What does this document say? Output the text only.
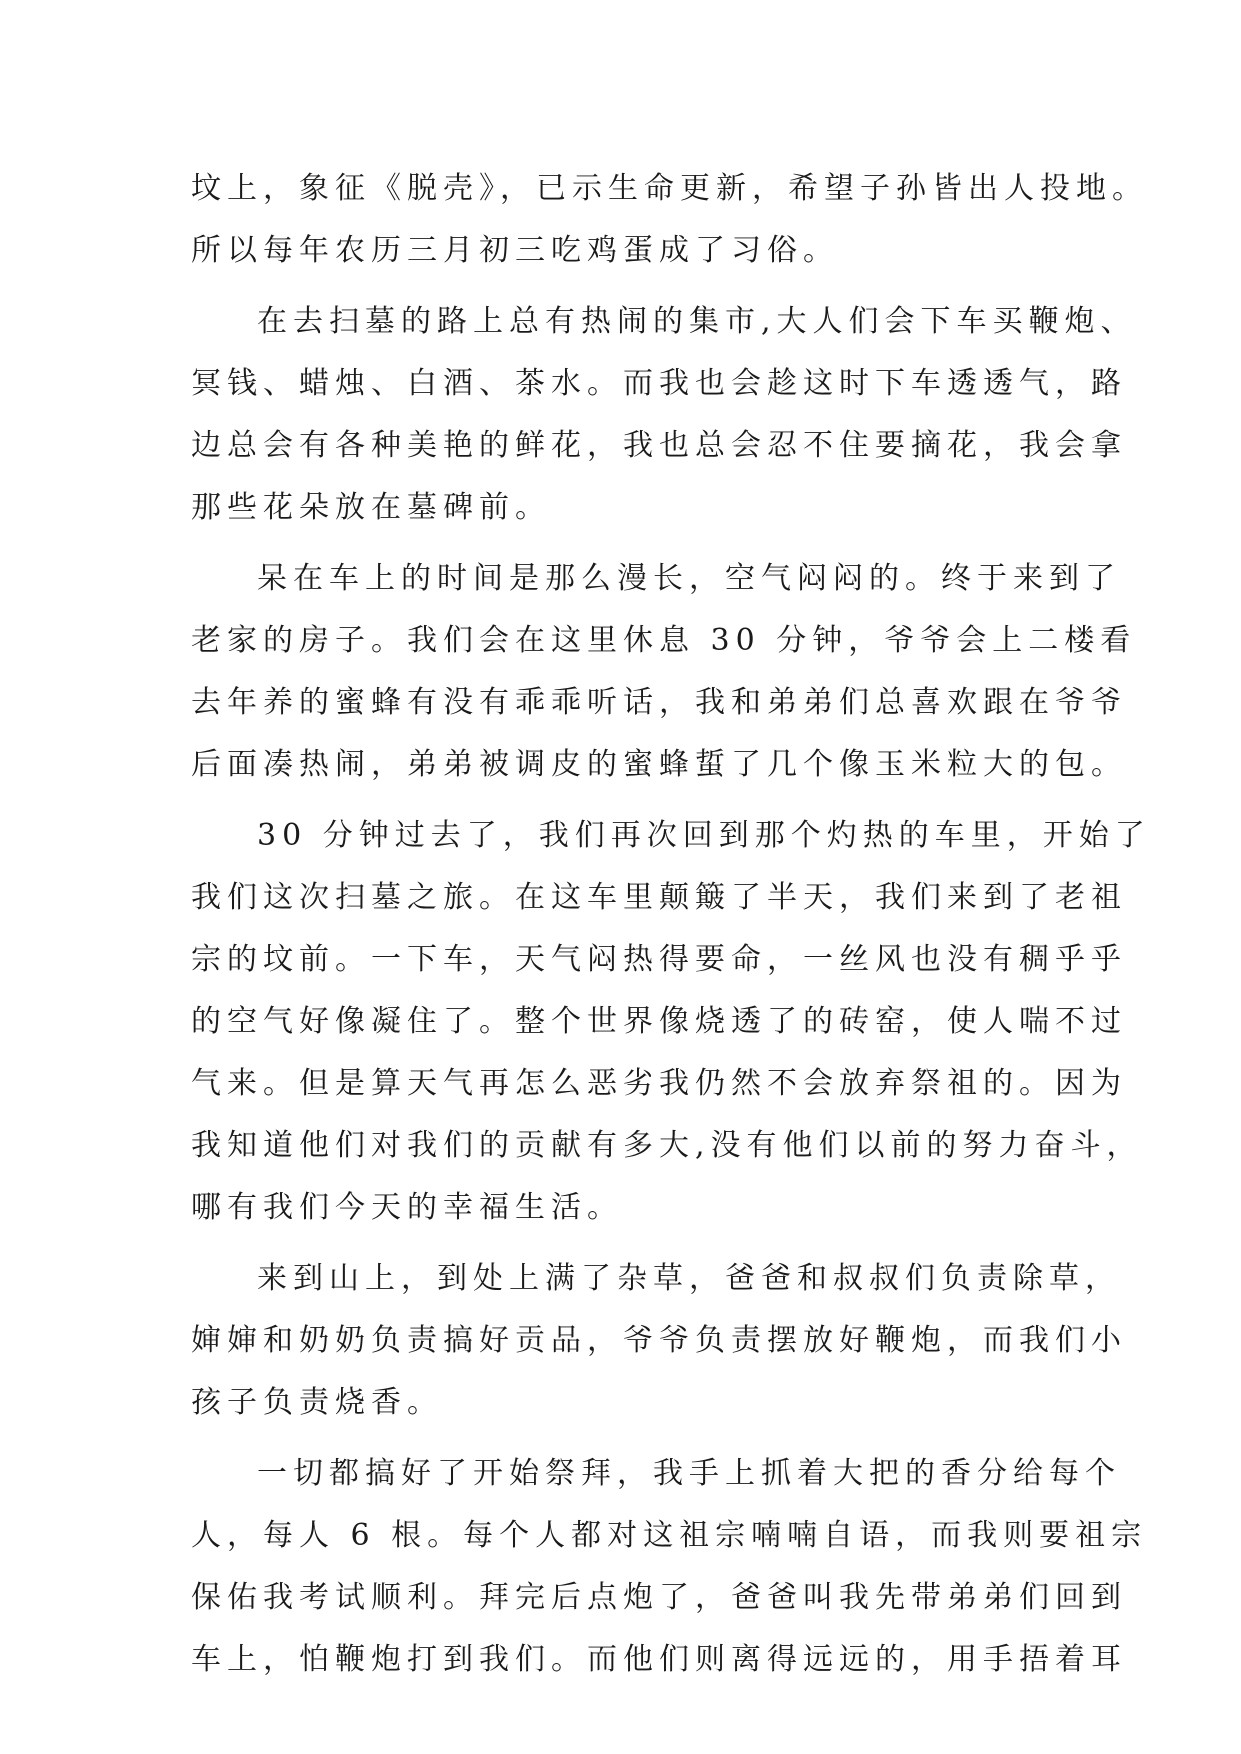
坟上，象征《脱壳》，已示生命更新，希望子孙皆出人投地。
所以每年农历三月初三吃鸡蛋成了习俗。
在去扫墓的路上总有热闹的集市,大人们会下车买鞭炮、
冥钱、蜡烛、白酒、茶水。而我也会趁这时下车透透气，路
边总会有各种美艳的鲜花，我也总会忍不住要摘花，我会拿
那些花朵放在墓碑前。
呆在车上的时间是那么漫长，空气闷闷的。终于来到了
老家的房子。我们会在这里休息 30 分钟，爷爷会上二楼看
去年养的蜜蜂有没有乖乖听话，我和弟弟们总喜欢跟在爷爷
后面凑热闹，弟弟被调皮的蜜蜂蜇了几个像玉米粒大的包。
30 分钟过去了，我们再次回到那个灼热的车里，开始了
我们这次扫墓之旅。在这车里颠簸了半天，我们来到了老祖
宗的坟前。一下车，天气闷热得要命，一丝风也没有稠乎乎
的空气好像凝住了。整个世界像烧透了的砖窑，使人喘不过
气来。但是算天气再怎么恶劣我仍然不会放弃祭祖的。因为
我知道他们对我们的贡献有多大,没有他们以前的努力奋斗，
哪有我们今天的幸福生活。
来到山上，到处上满了杂草，爸爸和叔叔们负责除草，
婶婶和奶奶负责搞好贡品，爷爷负责摆放好鞭炮，而我们小
孩子负责烧香。
一切都搞好了开始祭拜，我手上抓着大把的香分给每个
人，每人 6 根。每个人都对这祖宗喃喃自语，而我则要祖宗
保佑我考试顺利。拜完后点炮了，爸爸叫我先带弟弟们回到
车上，怕鞭炮打到我们。而他们则离得远远的，用手捂着耳
